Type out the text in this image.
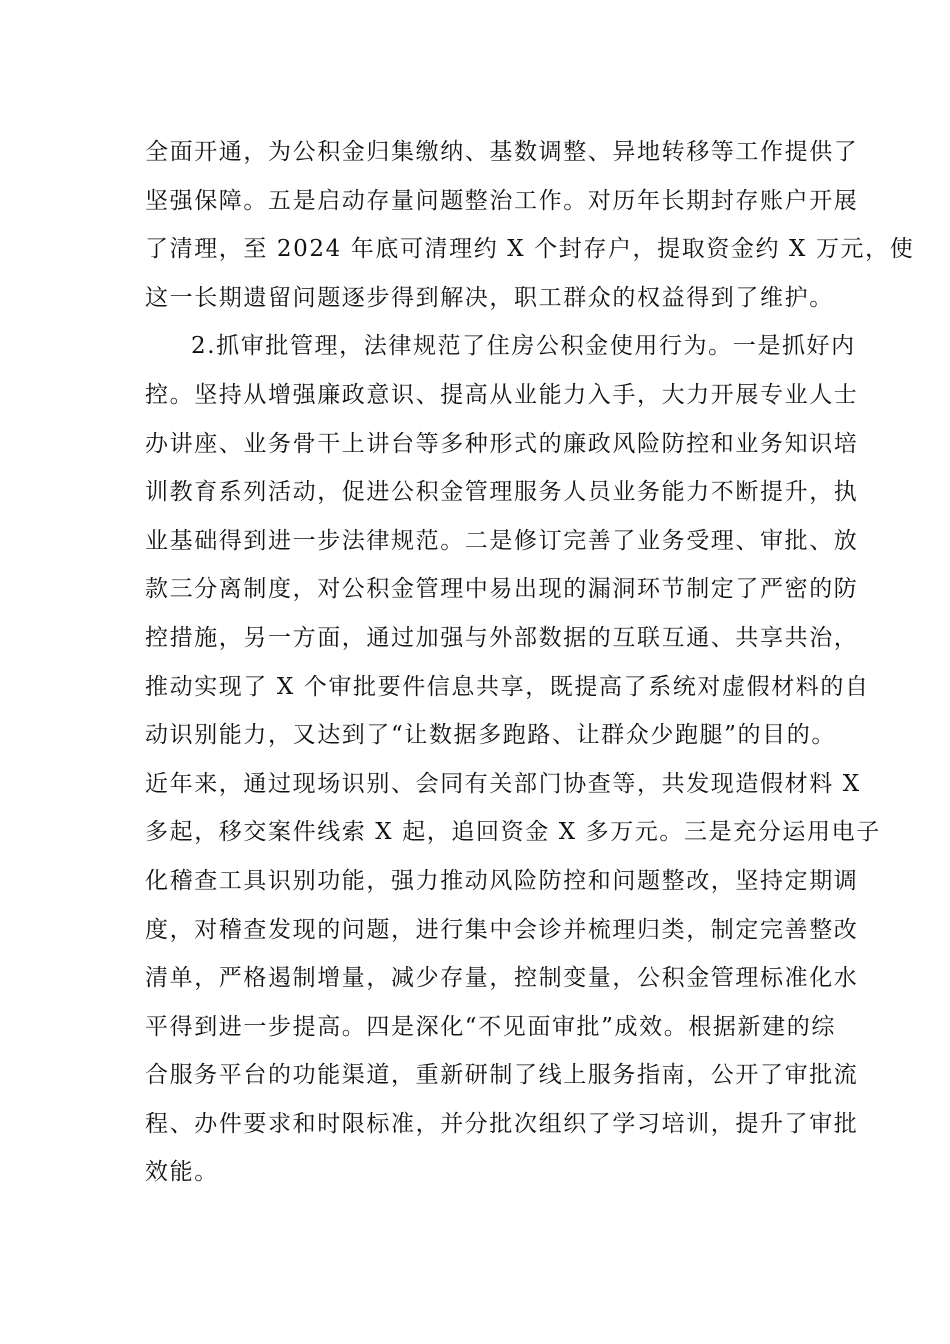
全面开通，为公积金归集缴纳、基数调整、异地转移等工作提供了
坚强保障。五是启动存量问题整治工作。对历年长期封存账户开展
了清理，至 2024 年底可清理约 X 个封存户，提取资金约 X 万元，使
这一长期遗留问题逐步得到解决，职工群众的权益得到了维护。
2.抓审批管理，法律规范了住房公积金使用行为。一是抓好内
控。坚持从增强廉政意识、提高从业能力入手，大力开展专业人士
办讲座、业务骨干上讲台等多种形式的廉政风险防控和业务知识培
训教育系列活动，促进公积金管理服务人员业务能力不断提升，执
业基础得到进一步法律规范。二是修订完善了业务受理、审批、放
款三分离制度，对公积金管理中易出现的漏洞环节制定了严密的防
控措施，另一方面，通过加强与外部数据的互联互通、共享共治，
推动实现了 X 个审批要件信息共享，既提高了系统对虚假材料的自
动识别能力，又达到了“让数据多跑路、让群众少跑腿”的目的。
近年来，通过现场识别、会同有关部门协查等，共发现造假材料 X
多起，移交案件线索 X 起，追回资金 X 多万元。三是充分运用电子
化稽查工具识别功能，强力推动风险防控和问题整改，坚持定期调
度，对稽查发现的问题，进行集中会诊并梳理归类，制定完善整改
清单，严格遏制增量，减少存量，控制变量，公积金管理标准化水
平得到进一步提高。四是深化“不见面审批”成效。根据新建的综
合服务平台的功能渠道，重新研制了线上服务指南，公开了审批流
程、办件要求和时限标准，并分批次组织了学习培训，提升了审批
效能。
